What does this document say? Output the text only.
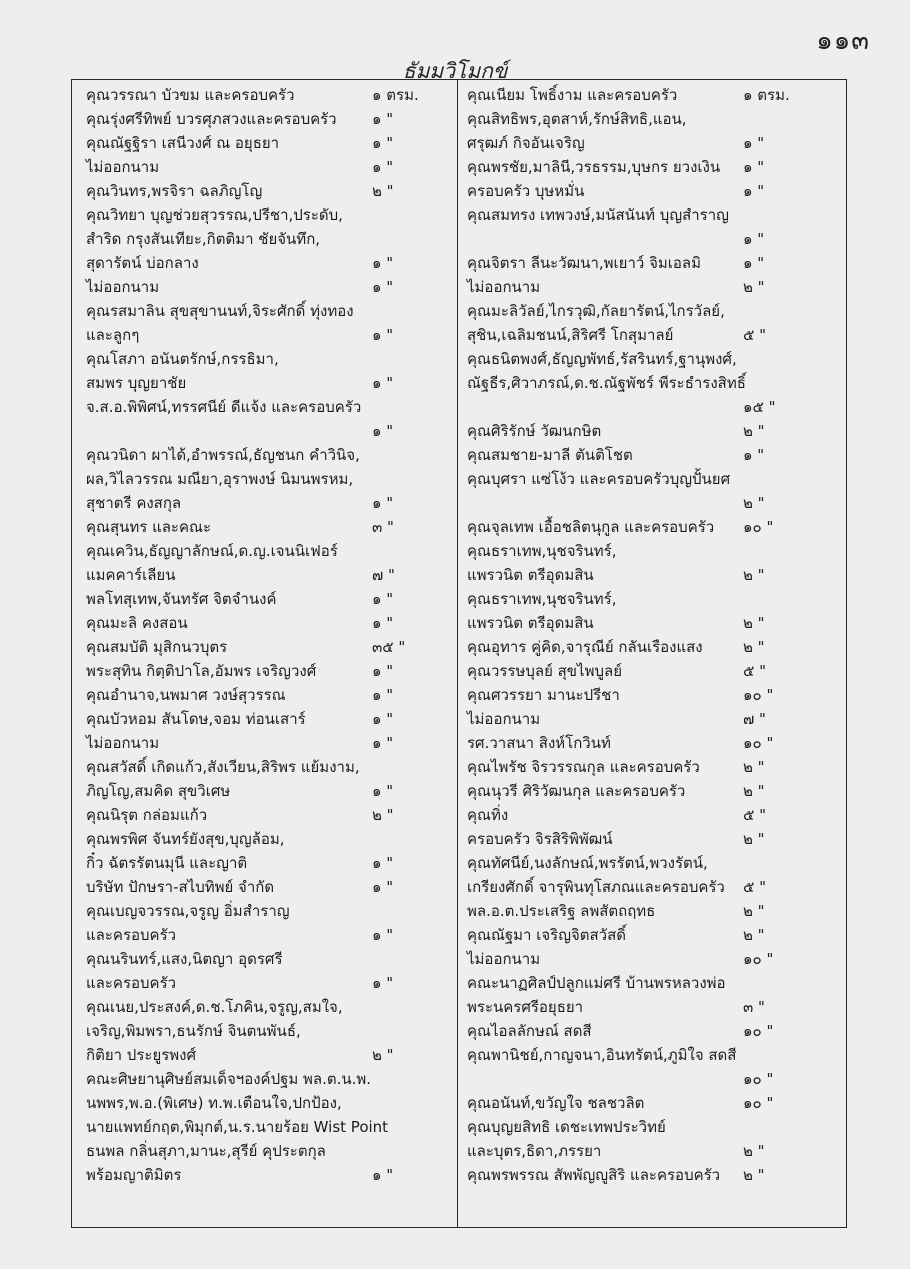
๑๑๓
ธัมมวิโมกข์
คุณวรรณา บัวขม และครอบครัว	๑ ตรม.
คุณรุ่งศรีทิพย์ บวรศุภสวงและครอบครัว ๑ "
คุณณัฐฐิรา เสนีวงศ์ ณ อยุธยา	๑ "
ไม่ออกนาม	๑ "
คุณวินทร,พรจิรา ฉลภิญโญ	๒ "
คุณวิทยา บุญช่วยสุวรรณ,ปรีชา,ประดับ,
สำริด กรุงสันเทียะ,กิตติมา ชัยจันทึก,
สุดารัตน์ บ่อกลาง	๑ "
ไม่ออกนาม	๑ "
คุณรสมาลิน สุขสุขานนท์,จิระศักดิ์ ทุ่งทอง
และลูกๆ	๑ "
คุณโสภา อนันตรักษ์,กรรธิมา,
สมพร บุญยาชัย	๑ "
จ.ส.อ.พิพิศน์,ทรรศนีย์ ดีแจ้ง และครอบครัว
๑ "
คุณวนิดา ผาได้,อำพรรณ์,ธัญชนก คำวินิจ,
ผล,วิไลวรรณ มณียา,อุราพงษ์ นิมนพรหม,
สุชาตรี คงสกุล	๑ "
คุณสุนทร และคณะ	๓ "
คุณเควิน,ธัญญาลักษณ์,ด.ญ.เจนนิเฟอร์
แมคคาร์เลียน	๗ "
พลโทสุเทพ,จันทรัศ จิตจำนงค์	๑ "
คุณมะลิ คงสอน	๑ "
คุณสมบัติ มุสิกนวบุตร	๓๕ "
พระสุทิน กิตฺติปาโล,อัมพร เจริญวงศ์	๑ "
คุณอำนาจ,นพมาศ วงษ์สุวรรณ	๑ "
คุณบัวหอม สันโดษ,จอม ท่อนเสาร์	๑ "
ไม่ออกนาม	๑ "
คุณสวัสดิ์ เกิดแก้ว,สังเวียน,สิริพร แย้มงาม,
ภิญโญ,สมคิด สุขวิเศษ	๑ "
คุณนิรุต กล่อมแก้ว	๒ "
คุณพรพิศ จันทร์ยังสุข,บุญล้อม,
กิ๋ว ฉัตรรัตนมุนี และญาติ	๑ "
บริษัท ปักษรา-สไบทิพย์ จำกัด	๑ "
คุณเบญจวรรณ,จรูญ อิ่มสำราญ
และครอบครัว	๑ "
คุณนรินทร์,แสง,นิตญา อุดรศรี
และครอบครัว	๑ "
คุณเนย,ประสงค์,ด.ช.โภคิน,จรูญ,สมใจ,
เจริญ,พิมพรา,ธนรักษ์ จินตนพันธ์,
กิติยา ประยูรพงศ์	๒ "
คณะศิษยานุศิษย์สมเด็จฯองค์ปฐม พล.ต.น.พ.
นพพร,พ.อ.(พิเศษ) ท.พ.เตือนใจ,ปกป้อง,
นายแพทย์กฤต,พิมุกต์,น.ร.นายร้อย Wist Point
ธนพล กลิ่นสุภา,มานะ,สุรีย์ คุประตกุล
พร้อมญาติมิตร	๑ "
คุณเนียม โพธิ์งาม และครอบครัว	๑ ตรม.
คุณสิทธิพร,อุตสาห์,รักษ์สิทธิ,แอน,
ศรุฒภ์ กิจอันเจริญ	๑ "
คุณพรชัย,มาลินี,วรธรรม,บุษกร ยวงเงิน ๑ "
ครอบครัว บุษหมั่น	๑ "
คุณสมทรง เทพวงษ์,มนัสนันท์ บุญสำราญ
๑ "
คุณจิตรา ลีนะวัฒนา,พเยาว์ จิมเอลมิ	๑ "
ไม่ออกนาม	๒ "
คุณมะลิวัลย์,ไกรวุฒิ,กัลยารัตน์,ไกรวัลย์,
สุชิน,เฉลิมชนน์,สิริศรี โกสุมาลย์	๕ "
คุณธนิตพงศ์,ธัญญพัทธ์,รัสรินทร์,ฐานุพงศ์,
ณัฐธีร,ศิวาภรณ์,ด.ช.ณัฐพัชร์ พีระธำรงสิทธิ์
๑๕ "
คุณศิริรักษ์ วัฒนกษิต	๒ "
คุณสมชาย-มาลี ตันติโชต	๑ "
คุณบุศรา แซ่โง้ว และครอบครัวบุญปั้นยศ
๒ "
คุณจุลเทพ เอื้อชลิตนุกูล และครอบครัว ๑๐ "
คุณธราเทพ,นุชจรินทร์,
แพรวนิต ตรีอุดมสิน	๒ "
คุณธราเทพ,นุชจรินทร์,
แพรวนิต ตรีอุดมสิน	๒ "
คุณอุทาร คู่คิด,จารุณีย์ กลันเรืองแสง	๒ "
คุณวรรษบุลย์ สุขไพบูลย์	๕ "
คุณศวรรยา มานะปรีชา	๑๐ "
ไม่ออกนาม	๗ "
รศ.วาสนา สิงห์โกวินท์	๑๐ "
คุณไพรัช จิรวรรณกุล และครอบครัว	๒ "
คุณนุวรี ศิริวัฒนกุล และครอบครัว	๒ "
คุณทิ่ง	๕ "
ครอบครัว จิรสิริพิพัฒน์	๒ "
คุณทัศนีย์,นงลักษณ์,พรรัตน์,พวงรัตน์,
เกรียงศักดิ์ จารุพินทุโสภณและครอบครัว ๕ "
พล.อ.ต.ประเสริฐ ลพสัตถฤทธ	๒ "
คุณณัฐมา เจริญจิตสวัสดิ์	๒ "
ไม่ออกนาม	๑๐ "
คณะนาฏศิลป์ปลูกแม่ศรี บ้านพรหลวงพ่อ
พระนครศรีอยุธยา	๓ "
คุณไอลลักษณ์ สดสี	๑๐ "
คุณพานิชย์,กาญจนา,อินทรัตน์,ภูมิใจ สดสี
๑๐ "
คุณอนันท์,ขวัญใจ ชลชวลิต	๑๐ "
คุณบุญยสิทธิ เดชะเทพประวิทย์
และบุตร,ธิดา,ภรรยา	๒ "
คุณพรพรรณ สัพพัญญูสิริ และครอบครัว ๒ "
